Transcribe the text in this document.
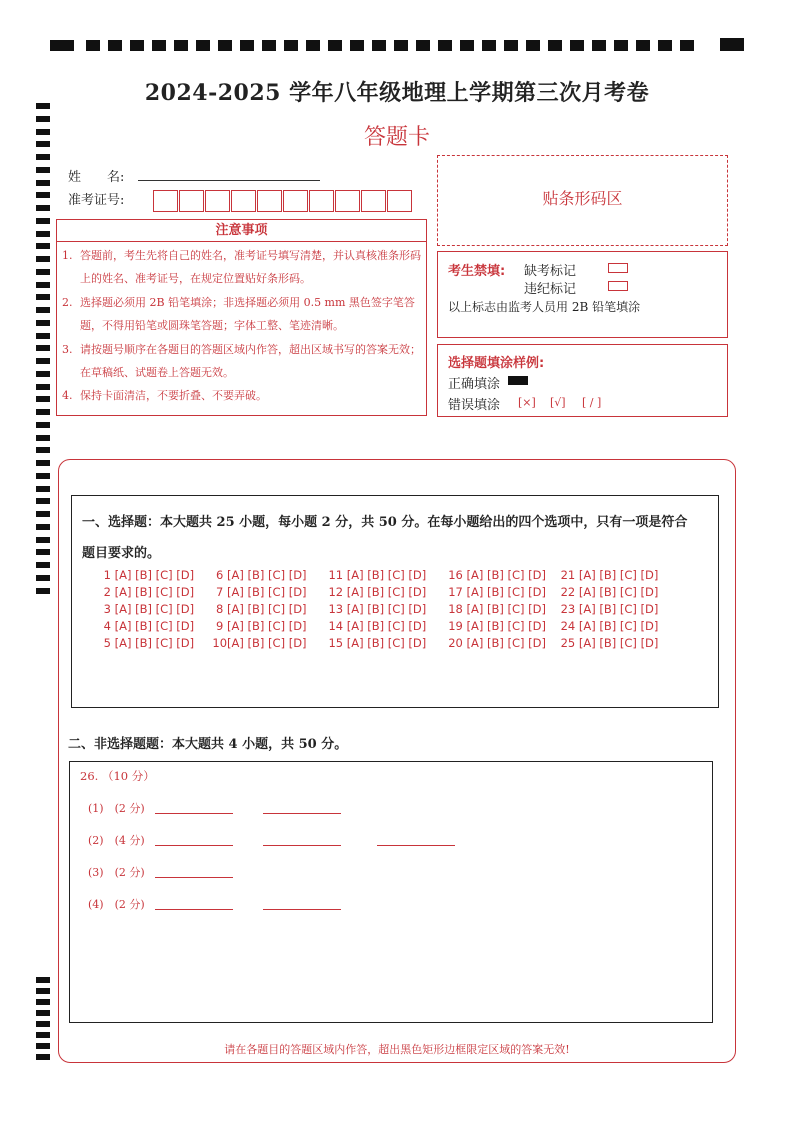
2024-2025 学年八年级地理上学期第三次月考卷
答题卡
姓　　名:
准考证号:	贴条形码区
注意事项
1. 答题前，考生先将自己的姓名，准考证号填写清楚，并认真核准条形码上的姓名、准考证号，在规定位置贴好条形码。
2. 选择题必须用 2B 铅笔填涂；非选择题必须用 0.5 mm 黑色签字笔答题，不得用铅笔或圆珠笔答题；字体工整、笔迹清晰。
3. 请按题号顺序在各题目的答题区域内作答，超出区域书写的答案无效；在草稿纸、试题卷上答题无效。
4. 保持卡面清洁，不要折叠、不要弄破。
考生禁填: 缺考标记
违纪标记
以上标志由监考人员用 2B 铅笔填涂
选择题填涂样例:
正确填涂
错误填涂 [×] [√] [ / ]
一、选择题：本大题共 25 小题，每小题 2 分，共 50 分。在每小题给出的四个选项中，只有一项是符合
题目要求的。
1 [A] [B] [C] [D]      6 [A] [B] [C] [D]      11 [A] [B] [C] [D]      16 [A] [B] [C] [D]    21 [A] [B] [C] [D]
2 [A] [B] [C] [D]      7 [A] [B] [C] [D]      12 [A] [B] [C] [D]      17 [A] [B] [C] [D]    22 [A] [B] [C] [D]
3 [A] [B] [C] [D]      8 [A] [B] [C] [D]      13 [A] [B] [C] [D]      18 [A] [B] [C] [D]    23 [A] [B] [C] [D]
4 [A] [B] [C] [D]      9 [A] [B] [C] [D]      14 [A] [B] [C] [D]      19 [A] [B] [C] [D]    24 [A] [B] [C] [D]
5 [A] [B] [C] [D]     10[A] [B] [C] [D]      15 [A] [B] [C] [D]      20 [A] [B] [C] [D]    25 [A] [B] [C] [D]
二、非选择题题：本大题共 4 小题，共 50 分。
26. （10 分）
(1)　(2 分)
(2)　(4 分)
(3)　(2 分)
(4)　(2 分)
请在各题目的答题区域内作答，超出黑色矩形边框限定区域的答案无效!
